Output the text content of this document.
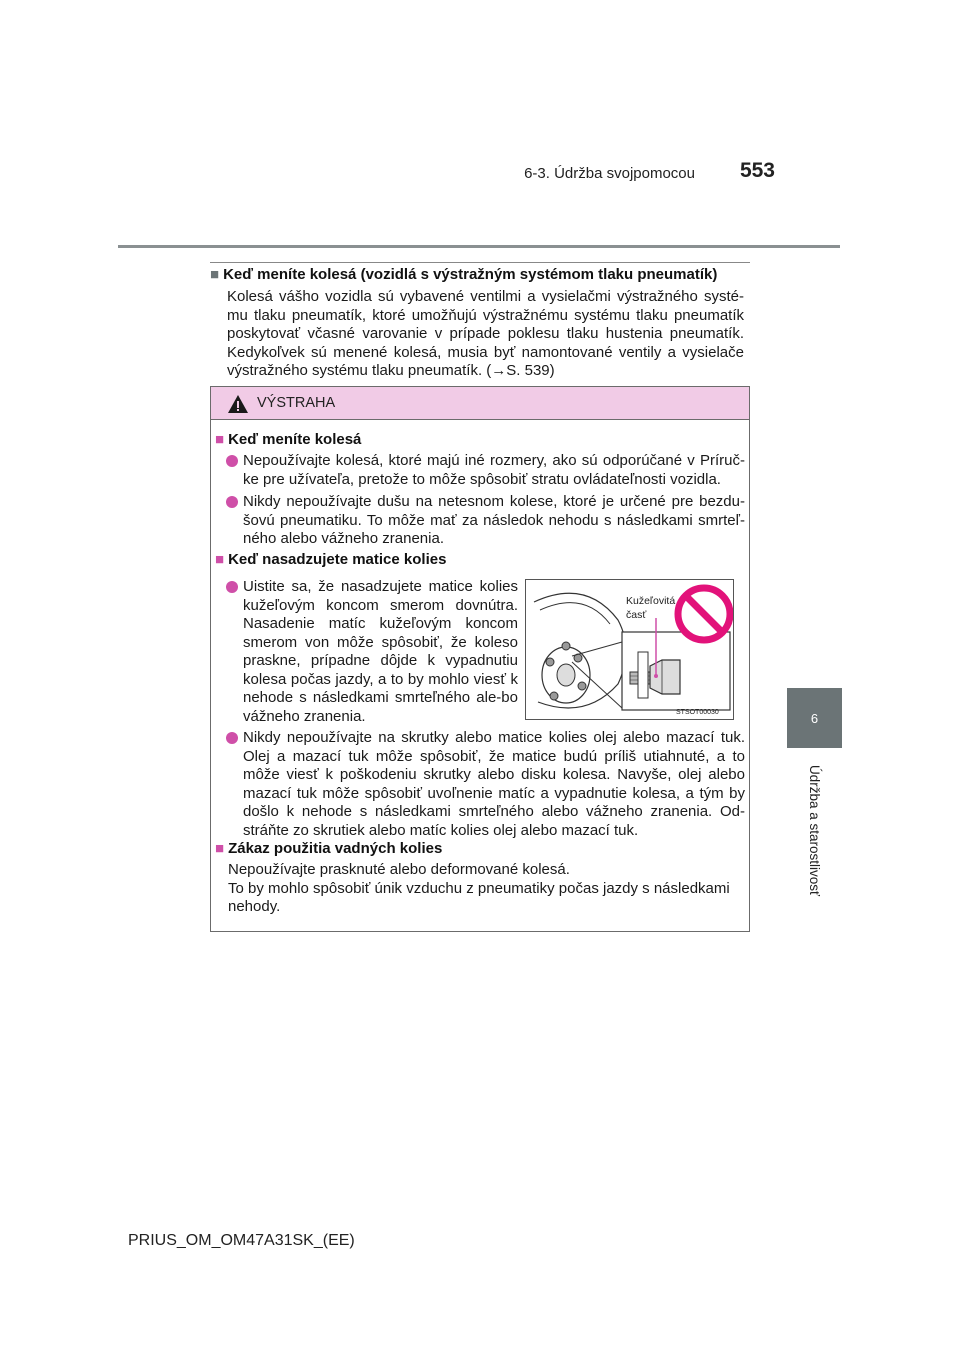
6-3. Údržba svojpomocou	553
6
Údržba a starostlivosť
■ Keď meníte kolesá (vozidlá s výstražným systémom tlaku pneumatík)
Kolesá vášho vozidla sú vybavené ventilmi a vysielačmi výstražného systé-mu tlaku pneumatík, ktoré umožňujú výstražnému systému tlaku pneumatík poskytovať včasné varovanie v prípade poklesu tlaku hustenia pneumatík. Kedykoľvek sú menené kolesá, musia byť namontované ventily a vysielače výstražného systému tlaku pneumatík. (→S. 539)
VÝSTRAHA
■ Keď meníte kolesá
Nepoužívajte kolesá, ktoré majú iné rozmery, ako sú odporúčané v Príruč-ke pre užívateľa, pretože to môže spôsobiť stratu ovládateľnosti vozidla.
Nikdy nepoužívajte dušu na netesnom kolese, ktoré je určené pre bezdu-šovú pneumatiku. To môže mať za následok nehodu s následkami smrteľ-ného alebo vážneho zranenia.
■ Keď nasadzujete matice kolies
Uistite sa, že nasadzujete matice kolies kužeľovým koncom smerom dovnútra. Nasadenie matíc kužeľovým koncom smerom von môže spôsobiť, že koleso praskne, prípadne dôjde k vypadnutiu kolesa počas jazdy, a to by mohlo viesť k nehode s následkami smrteľného ale-bo vážneho zranenia.
Kužeľovitá
časť
STSOT00030
Nikdy nepoužívajte na skrutky alebo matice kolies olej alebo mazací tuk. Olej a mazací tuk môže spôsobiť, že matice budú príliš utiahnuté, a to môže viesť k poškodeniu skrutky alebo disku kolesa. Navyše, olej alebo mazací tuk môže spôsobiť uvoľnenie matíc a vypadnutie kolesa, a tým by došlo k nehode s následkami smrteľného alebo vážneho zranenia. Od-stráňte zo skrutiek alebo matíc kolies olej alebo mazací tuk.
■ Zákaz použitia vadných kolies
Nepoužívajte prasknuté alebo deformované kolesá.
To by mohlo spôsobiť únik vzduchu z pneumatiky počas jazdy s následkami nehody.
PRIUS_OM_OM47A31SK_(EE)
